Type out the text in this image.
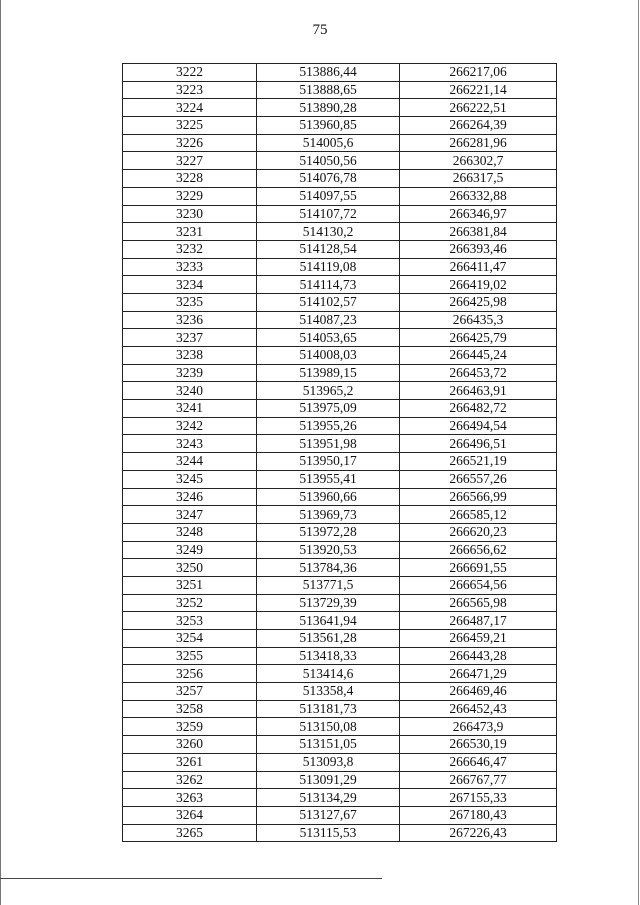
75
3222	513886,44	266217,06
3223	513888,65	266221,14
3224	513890,28	266222,51
3225	513960,85	266264,39
3226	514005,6	266281,96
3227	514050,56	266302,7
3228	514076,78	266317,5
3229	514097,55	266332,88
3230	514107,72	266346,97
3231	514130,2	266381,84
3232	514128,54	266393,46
3233	514119,08	266411,47
3234	514114,73	266419,02
3235	514102,57	266425,98
3236	514087,23	266435,3
3237	514053,65	266425,79
3238	514008,03	266445,24
3239	513989,15	266453,72
3240	513965,2	266463,91
3241	513975,09	266482,72
3242	513955,26	266494,54
3243	513951,98	266496,51
3244	513950,17	266521,19
3245	513955,41	266557,26
3246	513960,66	266566,99
3247	513969,73	266585,12
3248	513972,28	266620,23
3249	513920,53	266656,62
3250	513784,36	266691,55
3251	513771,5	266654,56
3252	513729,39	266565,98
3253	513641,94	266487,17
3254	513561,28	266459,21
3255	513418,33	266443,28
3256	513414,6	266471,29
3257	513358,4	266469,46
3258	513181,73	266452,43
3259	513150,08	266473,9
3260	513151,05	266530,19
3261	513093,8	266646,47
3262	513091,29	266767,77
3263	513134,29	267155,33
3264	513127,67	267180,43
3265	513115,53	267226,43
